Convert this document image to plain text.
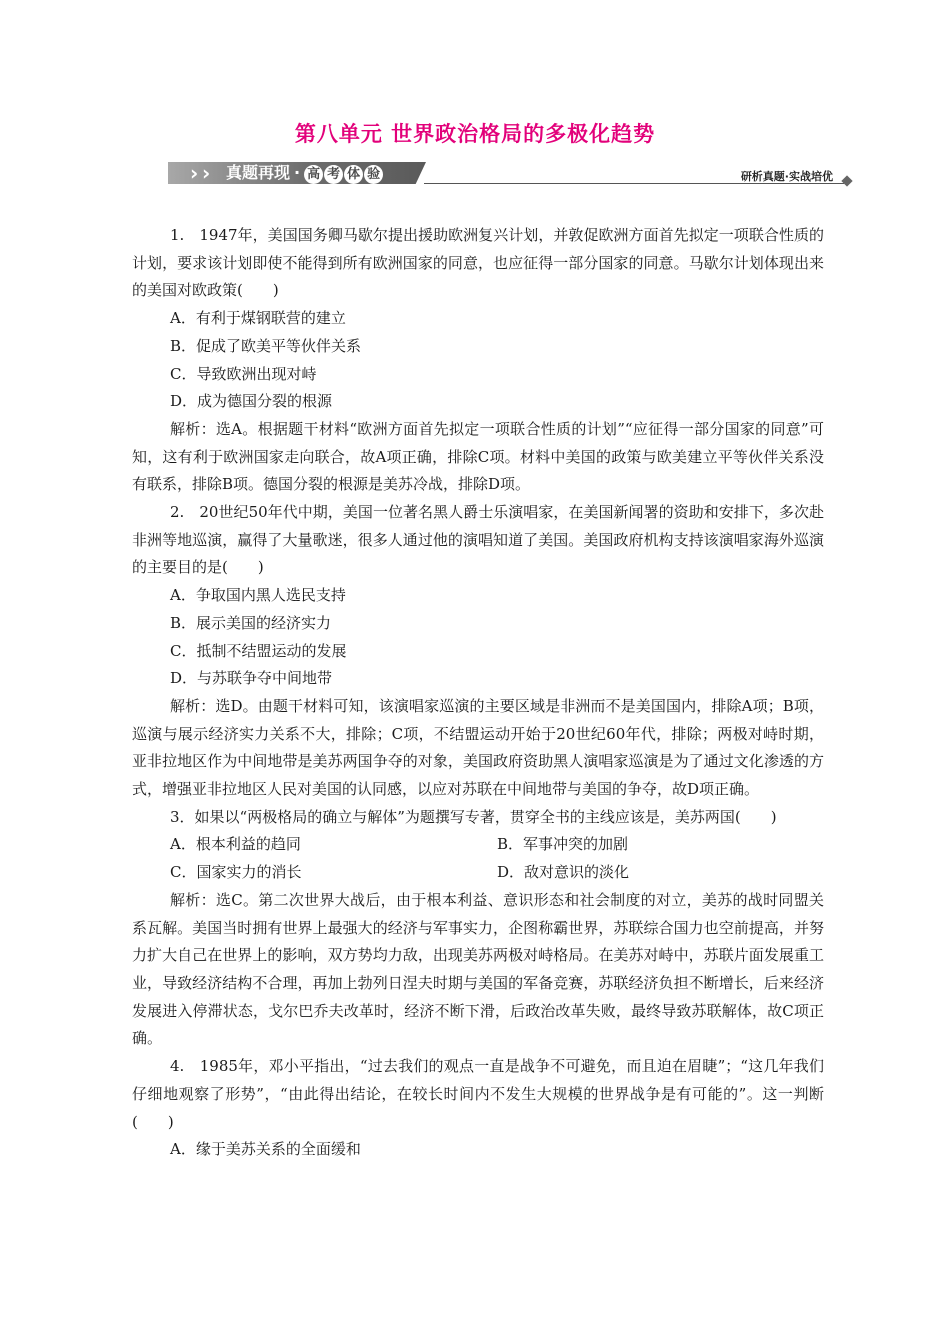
第八单元 世界政治格局的多极化趋势
› › 真题再现 · 高 考 体 验	研析真题·实战培优

1.　1947年，美国国务卿马歇尔提出援助欧洲复兴计划，并敦促欧洲方面首先拟定一项联合性质的计划，要求该计划即使不能得到所有欧洲国家的同意，也应征得一部分国家的同意。马歇尔计划体现出来的美国对欧政策(　　)

A．有利于煤钢联营的建立

B．促成了欧美平等伙伴关系

C．导致欧洲出现对峙

D．成为德国分裂的根源

解析：选A。根据题干材料“欧洲方面首先拟定一项联合性质的计划”“应征得一部分国家的同意”可知，这有利于欧洲国家走向联合，故A项正确，排除C项。材料中美国的政策与欧美建立平等伙伴关系没有联系，排除B项。德国分裂的根源是美苏冷战，排除D项。

2.　20世纪50年代中期，美国一位著名黑人爵士乐演唱家，在美国新闻署的资助和安排下，多次赴非洲等地巡演，赢得了大量歌迷，很多人通过他的演唱知道了美国。美国政府机构支持该演唱家海外巡演的主要目的是(　　)

A．争取国内黑人选民支持

B．展示美国的经济实力

C．抵制不结盟运动的发展

D．与苏联争夺中间地带

解析：选D。由题干材料可知，该演唱家巡演的主要区域是非洲而不是美国国内，排除A项；B项，巡演与展示经济实力关系不大，排除；C项，不结盟运动开始于20世纪60年代，排除；两极对峙时期，亚非拉地区作为中间地带是美苏两国争夺的对象，美国政府资助黑人演唱家巡演是为了通过文化渗透的方式，增强亚非拉地区人民对美国的认同感，以应对苏联在中间地带与美国的争夺，故D项正确。

3．如果以“两极格局的确立与解体”为题撰写专著，贯穿全书的主线应该是，美苏两国(　　)

A．根本利益的趋同	B．军事冲突的加剧
C．国家实力的消长	D．敌对意识的淡化

解析：选C。第二次世界大战后，由于根本利益、意识形态和社会制度的对立，美苏的战时同盟关系瓦解。美国当时拥有世界上最强大的经济与军事实力，企图称霸世界，苏联综合国力也空前提高，并努力扩大自己在世界上的影响，双方势均力敌，出现美苏两极对峙格局。在美苏对峙中，苏联片面发展重工业，导致经济结构不合理，再加上勃列日涅夫时期与美国的军备竞赛，苏联经济负担不断增长，后来经济发展进入停滞状态，戈尔巴乔夫改革时，经济不断下滑，后政治改革失败，最终导致苏联解体，故C项正确。

4.　1985年，邓小平指出，“过去我们的观点一直是战争不可避免，而且迫在眉睫”；“这几年我们仔细地观察了形势”，“由此得出结论，在较长时间内不发生大规模的世界战争是有可能的”。这一判断(　　)

A．缘于美苏关系的全面缓和
